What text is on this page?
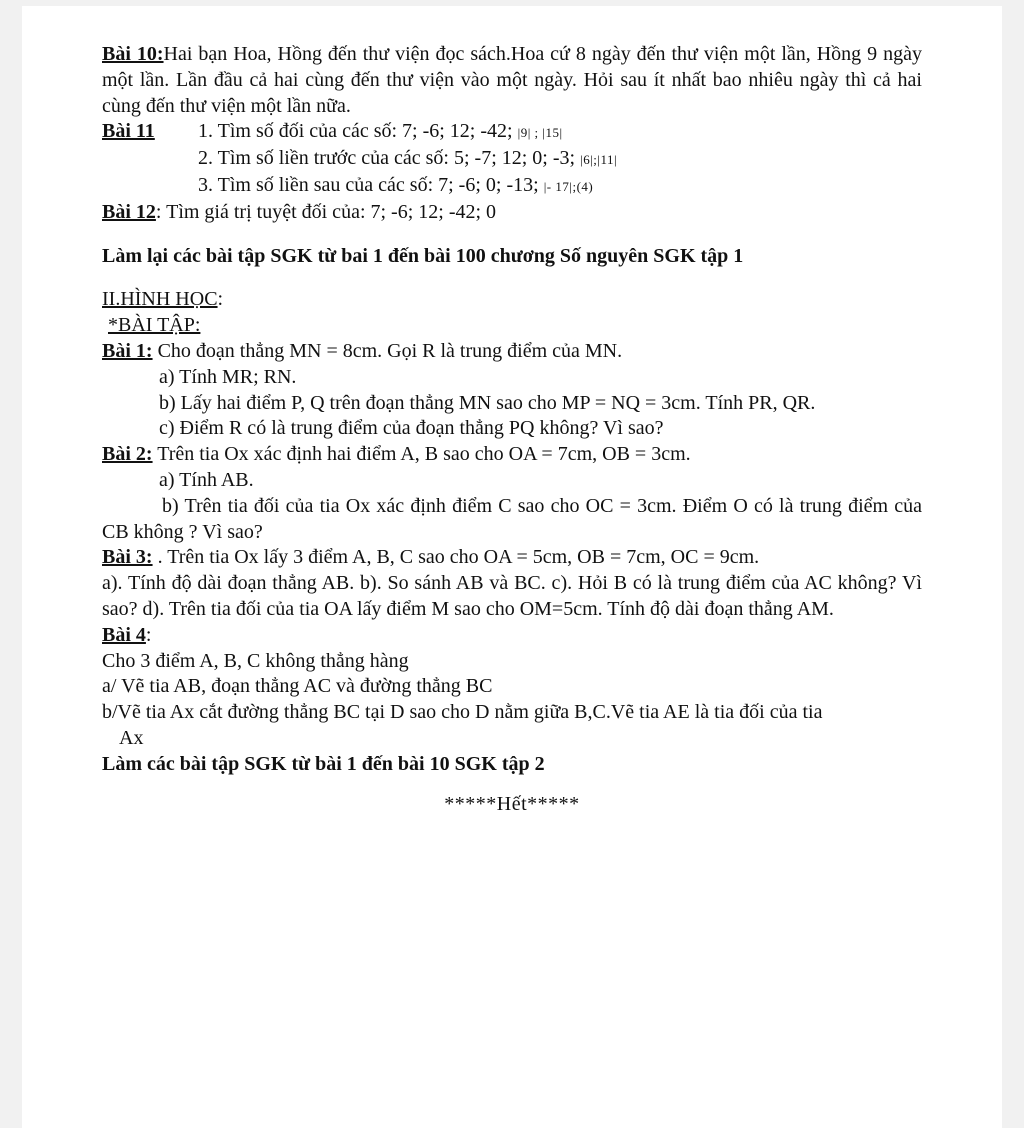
Bài 10:Hai bạn Hoa, Hồng đến thư viện đọc sách.Hoa cứ 8 ngày đến thư viện một lần, Hồng 9 ngày một lần. Lần đầu cả hai cùng đến thư viện vào một ngày. Hỏi sau ít nhất bao nhiêu ngày thì cả hai cùng đến thư viện một lần nữa.

Bài 11	1. Tìm số đối của các số: 7; -6; 12; -42; |9| ; |15|

2. Tìm số liền trước của các số: 5; -7; 12; 0; -3; |6|;|11|

3. Tìm số liền sau của các số: 7; -6; 0; -13; |- 17|;(4)

Bài 12: Tìm giá trị tuyệt đối của: 7; -6; 12; -42; 0

Làm lại các bài tập SGK từ bai 1 đến bài 100 chương Số nguyên SGK tập 1

II.HÌNH HỌC:

*BÀI TẬP:

Bài 1: Cho đoạn thẳng MN = 8cm. Gọi R là trung điểm của MN.

a) Tính MR; RN.

b) Lấy hai điểm P, Q trên đoạn thẳng MN sao cho MP = NQ = 3cm. Tính PR, QR.

c) Điểm R có là trung điểm của đoạn thẳng PQ không? Vì sao?

Bài 2: Trên tia Ox xác định hai điểm A, B sao cho OA = 7cm, OB = 3cm.

a) Tính AB.

b) Trên tia đối của tia Ox xác định điểm C sao cho OC = 3cm. Điểm O có là trung điểm của CB không ? Vì sao?

Bài 3: . Trên tia Ox lấy 3 điểm A, B, C sao cho OA = 5cm, OB = 7cm, OC = 9cm.

a). Tính độ dài đoạn thẳng AB. b). So sánh AB và BC. c). Hỏi B có là trung điểm của AC không? Vì sao? d). Trên tia đối của tia OA lấy điểm M sao cho OM=5cm. Tính độ dài đoạn thẳng AM.

Bài 4:

Cho 3 điểm A, B, C không thẳng hàng

a/ Vẽ tia AB, đoạn thẳng AC và đường thẳng BC

b/Vẽ tia Ax cắt đường thẳng BC tại D sao cho D nằm giữa B,C.Vẽ tia AE là tia đối của tia

Ax

Làm các bài tập SGK từ bài 1 đến bài 10 SGK tập 2

*****Hết*****
